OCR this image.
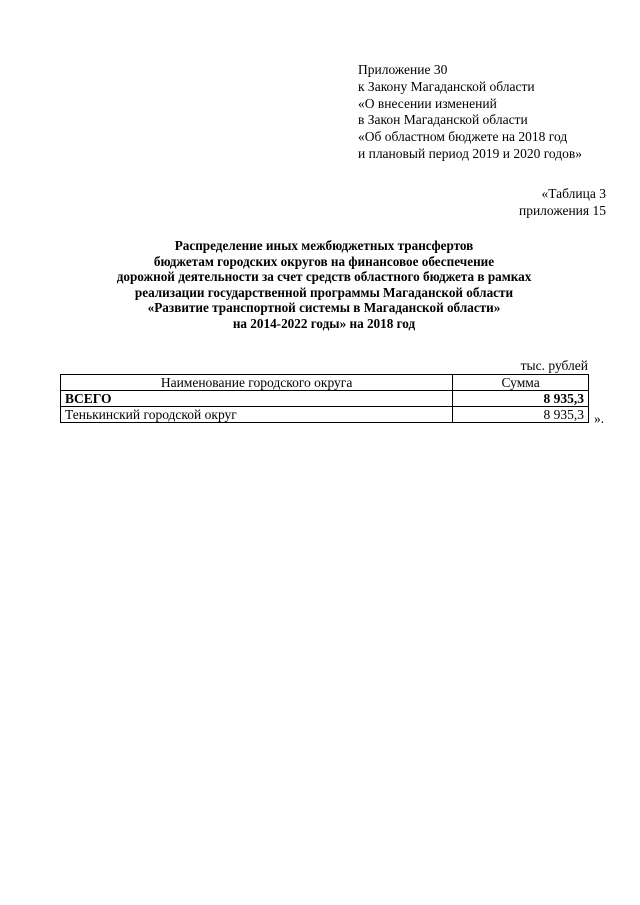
Приложение 30
к Закону Магаданской области
«О внесении изменений
в Закон Магаданской области
«Об областном бюджете на 2018 год
и плановый период 2019 и 2020 годов»
«Таблица 3
приложения 15
Распределение иных межбюджетных трансфертов
бюджетам городских округов на финансовое обеспечение
дорожной деятельности за счет средств областного бюджета в рамках
реализации государственной программы Магаданской области
«Развитие транспортной системы в Магаданской области»
на 2014-2022 годы» на 2018 год
тыс. рублей
Наименование городского округа	Сумма
ВСЕГО	8 935,3
Тенькинский городской округ	8 935,3 ».
